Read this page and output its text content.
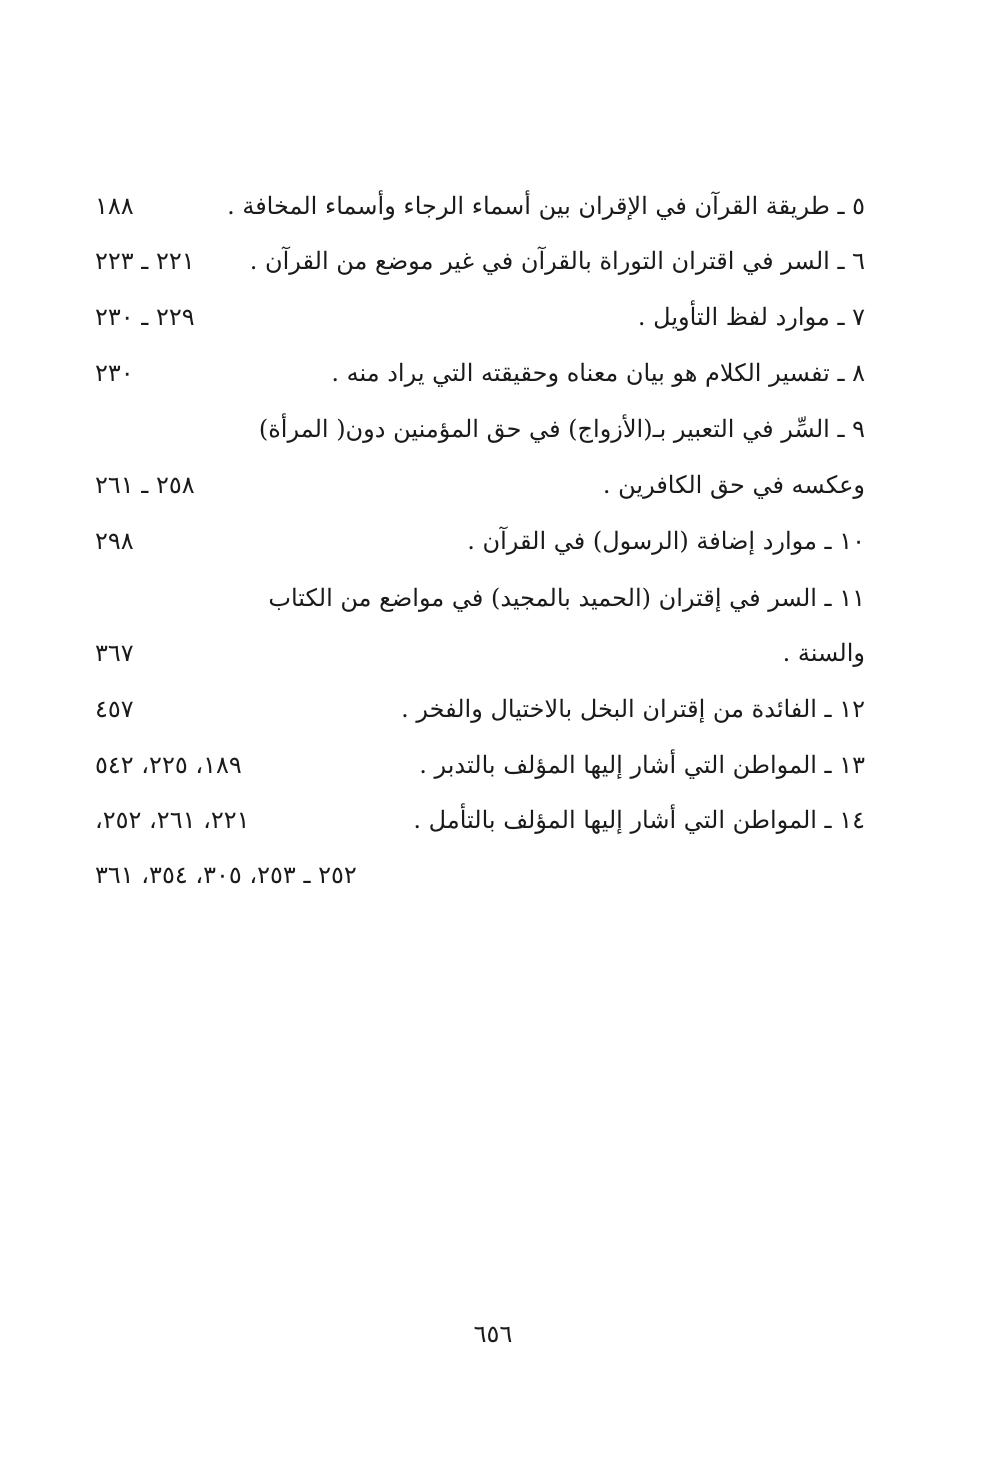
٥ ـ طريقة القرآن في الإقران بين أسماء الرجاء وأسماء المخافة .
١٨٨
٦ ـ السر في اقتران التوراة بالقرآن في غير موضع من القرآن .
٢٢١ ـ ٢٢٣
٧ ـ موارد لفظ التأويل .
٢٢٩ ـ ٢٣٠
٨ ـ تفسير الكلام هو بيان معناه وحقيقته التي يراد منه .
٢٣٠
٩ ـ السِّر في التعبير بـ(الأزواج) في حق المؤمنين دون( المرأة)
وعكسه في حق الكافرين .
٢٥٨ ـ ٢٦١
١٠ ـ موارد إضافة (الرسول) في القرآن .
٢٩٨
١١ ـ السر في إقتران (الحميد بالمجيد) في مواضع من الكتاب
والسنة .
٣٦٧
١٢ ـ الفائدة من إقتران البخل بالاختيال والفخر .
٤٥٧
١٣ ـ المواطن التي أشار إليها المؤلف بالتدبر .
١٨٩، ٢٢٥، ٥٤٢
١٤ ـ المواطن التي أشار إليها المؤلف بالتأمل .
٢٢١، ٢٦١، ٢٥٢،
٢٥٢ ـ ٢٥٣، ٣٠٥، ٣٥٤، ٣٦١
٦٥٦
